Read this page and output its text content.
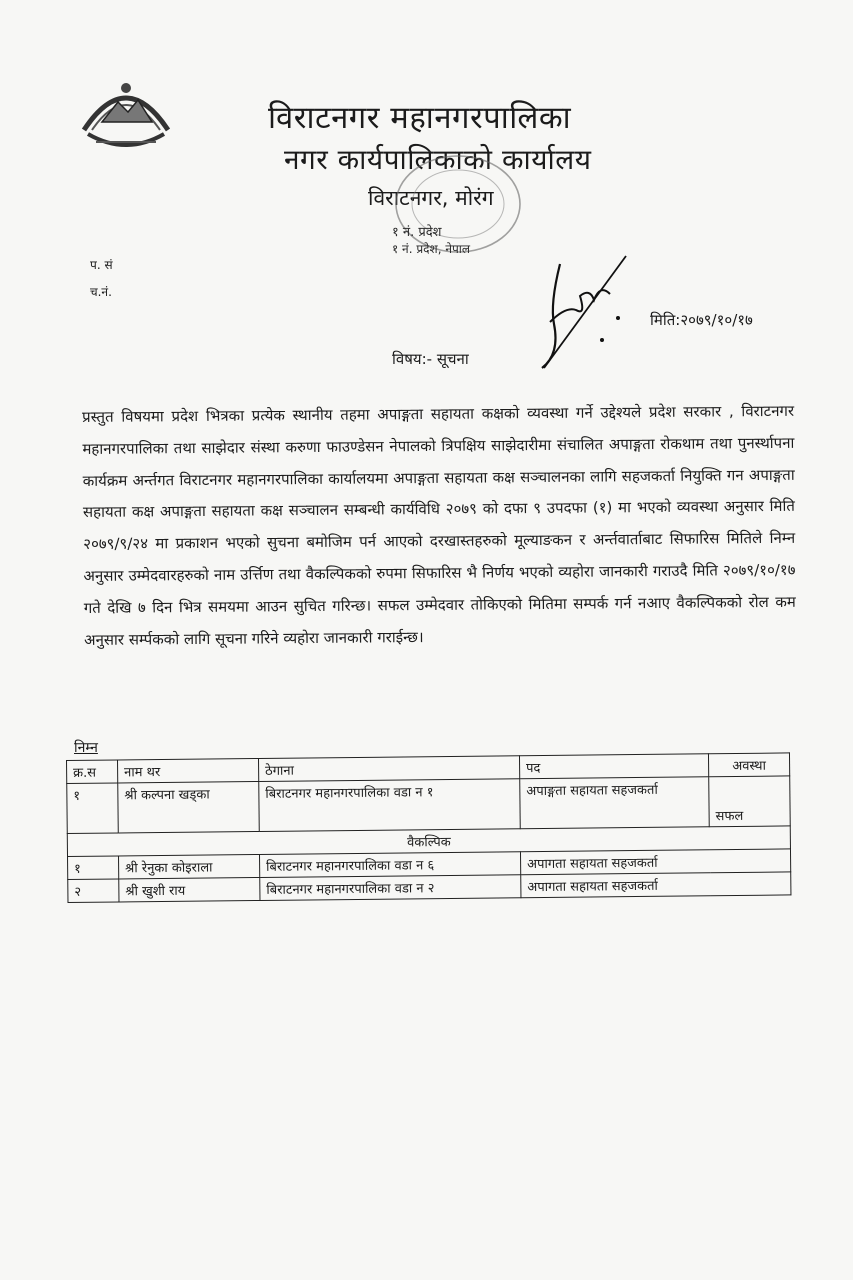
विराटनगर महानगरपालिका
नगर कार्यपालिकाको कार्यालय
विराटनगर, मोरंग
१ नं. प्रदेश
१ नं. प्रदेश, नेपाल
प. सं
च.नं.
मिति:२०७९/१०/१७
विषय:- सूचना

प्रस्तुत विषयमा प्रदेश भित्रका प्रत्येक स्थानीय तहमा अपाङ्गता सहायता कक्षको व्यवस्था गर्ने उद्देश्यले प्रदेश सरकार , विराटनगर महानगरपालिका तथा साझेदार संस्था करुणा फाउण्डेसन नेपालको त्रिपक्षिय साझेदारीमा संचालित अपाङ्गता रोकथाम तथा पुनर्स्थापना कार्यक्रम अर्न्तगत विराटनगर महानगरपालिका कार्यालयमा अपाङ्गता सहायता कक्ष सञ्चालनका लागि सहजकर्ता नियुक्ति गन अपाङ्गता सहायता कक्ष अपाङ्गता सहायता कक्ष सञ्चालन सम्बन्धी कार्यविधि २०७९ को दफा ९ उपदफा (१) मा भएको व्यवस्था अनुसार मिति २०७९/९/२४ मा प्रकाशन भएको सुचना बमोजिम पर्न आएको दरखास्तहरुको मूल्याङकन र अर्न्तवार्ताबाट सिफारिस मितिले निम्न अनुसार उम्मेदवारहरुको नाम उर्त्तिण तथा वैकल्पिकको रुपमा सिफारिस भै निर्णय भएको व्यहोरा जानकारी गराउदै मिति २०७९/१०/१७ गते देखि ७ दिन भित्र समयमा आउन सुचित गरिन्छ। सफल उम्मेदवार तोकिएको मितिमा सम्पर्क गर्न नआए वैकल्पिकको रोल कम अनुसार सर्म्पकको लागि सूचना गरिने व्यहोरा जानकारी गराईन्छ।

निम्न
क्र.स	नाम थर	ठेगाना	पद	अवस्था
१	श्री कल्पना खड्का	बिराटनगर महानगरपालिका वडा न १	अपाङ्गता सहायता सहजकर्ता	सफल
वैकल्पिक				
१	श्री रेनुका कोइराला	बिराटनगर महानगरपालिका वडा न ६	अपागता सहायता सहजकर्ता	
२	श्री खुशी राय	बिराटनगर महानगरपालिका वडा न २	अपागता सहायता सहजकर्ता	
